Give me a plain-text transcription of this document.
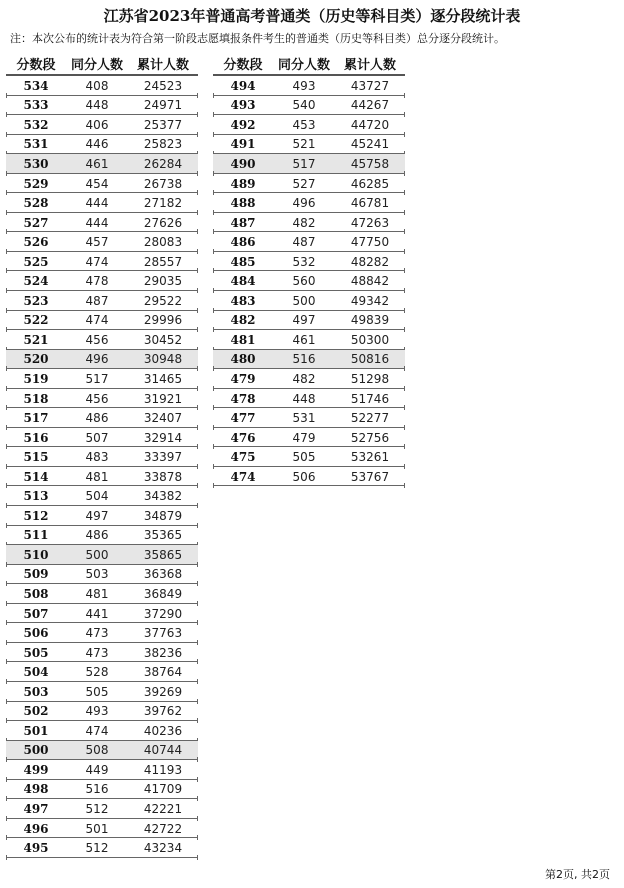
江苏省2023年普通高考普通类（历史等科目类）逐分段统计表
注：本次公布的统计表为符合第一阶段志愿填报条件考生的普通类（历史等科目类）总分逐分段统计。
分数段	同分人数	累计人数
534	408	24523
533	448	24971
532	406	25377
531	446	25823
530	461	26284
529	454	26738
528	444	27182
527	444	27626
526	457	28083
525	474	28557
524	478	29035
523	487	29522
522	474	29996
521	456	30452
520	496	30948
519	517	31465
518	456	31921
517	486	32407
516	507	32914
515	483	33397
514	481	33878
513	504	34382
512	497	34879
511	486	35365
510	500	35865
509	503	36368
508	481	36849
507	441	37290
506	473	37763
505	473	38236
504	528	38764
503	505	39269
502	493	39762
501	474	40236
500	508	40744
499	449	41193
498	516	41709
497	512	42221
496	501	42722
495	512	43234
分数段	同分人数	累计人数
494	493	43727
493	540	44267
492	453	44720
491	521	45241
490	517	45758
489	527	46285
488	496	46781
487	482	47263
486	487	47750
485	532	48282
484	560	48842
483	500	49342
482	497	49839
481	461	50300
480	516	50816
479	482	51298
478	448	51746
477	531	52277
476	479	52756
475	505	53261
474	506	53767
第2页, 共2页
